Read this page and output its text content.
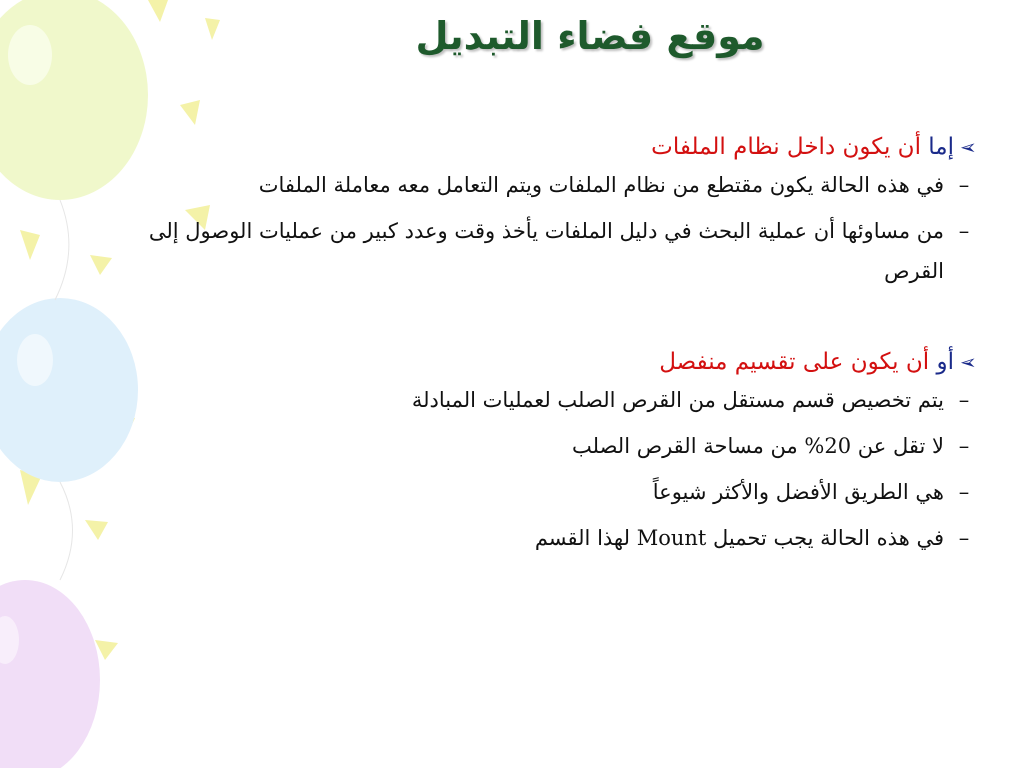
موقع فضاء التبديل
➢
إما أن يكون داخل نظام الملفات
–
في هذه الحالة يكون مقتطع من نظام الملفات ويتم التعامل معه معاملة الملفات
–
من مساوئها أن عملية البحث في دليل الملفات يأخذ وقت وعدد كبير من عمليات الوصول إلى القرص
➢
أو أن يكون على تقسيم منفصل
–
يتم تخصيص قسم مستقل من القرص الصلب لعمليات المبادلة
–
لا تقل عن 20% من مساحة القرص الصلب
–
هي الطريق الأفضل والأكثر شيوعاً
–
في هذه الحالة يجب تحميل Mount لهذا القسم
